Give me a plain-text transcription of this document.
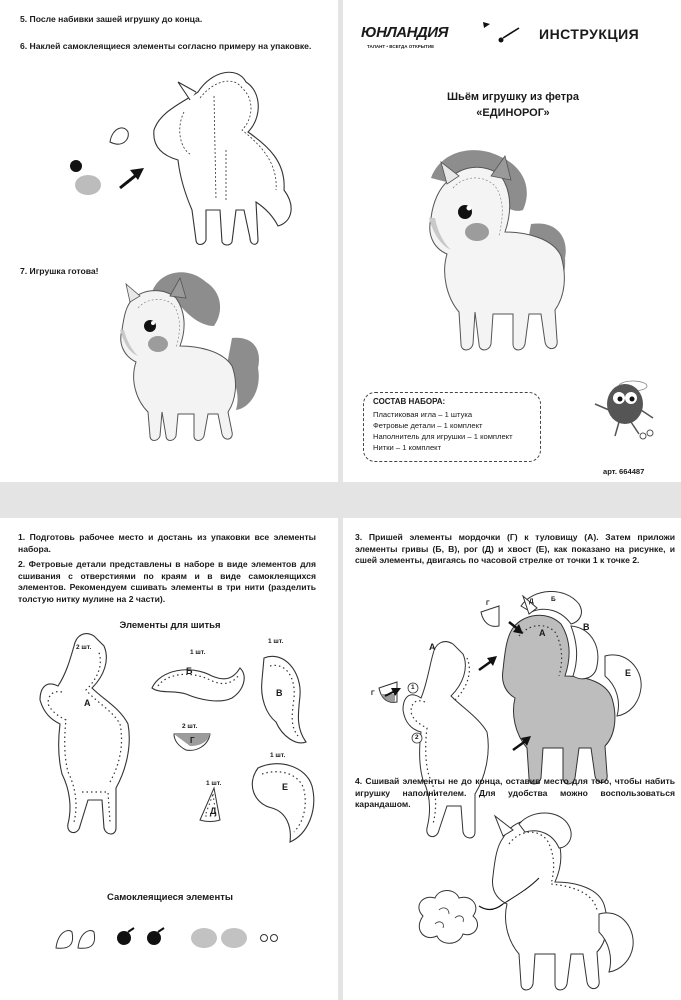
5. После набивки зашей игрушку до конца.
6. Наклей самоклеящиеся элементы согласно примеру на упаковке.
7. Игрушка готова!
ЮНЛАНДИЯ
ТАЛАНТ • ВСЕГДА ОТКРЫТИЕ
ИНСТРУКЦИЯ
Шьём игрушку из фетра
«ЕДИНОРОГ»
СОСТАВ НАБОРА:
Пластиковая игла – 1 штука
Фетровые детали – 1 комплект
Наполнитель для игрушки – 1 комплект
Нитки – 1 комплект
арт. 664487
1. Подготовь рабочее место и достань из упаковки все элементы набора.
2. Фетровые детали представлены в наборе в виде элементов для сшивания с отверстиями по краям и в виде самоклеящихся элементов. Рекомендуем сшивать элементы в три нити (разделить толстую нитку мулине на 2 части).
Элементы для шитья
А
2 шт.
Б
1 шт.
В
1 шт.
Г
2 шт.
Д
1 шт.	Е
1 шт.
Самоклеящиеся элементы
3. Пришей элементы мордочки (Г) к туловищу (А). Затем приложи элементы гривы (Б, В), рог (Д) и хвост (Е), как показано на рисунке, и сшей элементы, двигаясь по часовой стрелке от точки 1 к точке 2.
А
А
Б
В
Г
Г	Д
Е
1
2
4. Сшивай элементы не до конца, оставив место для того, чтобы набить игрушку наполнителем. Для удобства можно воспользоваться карандашом.
